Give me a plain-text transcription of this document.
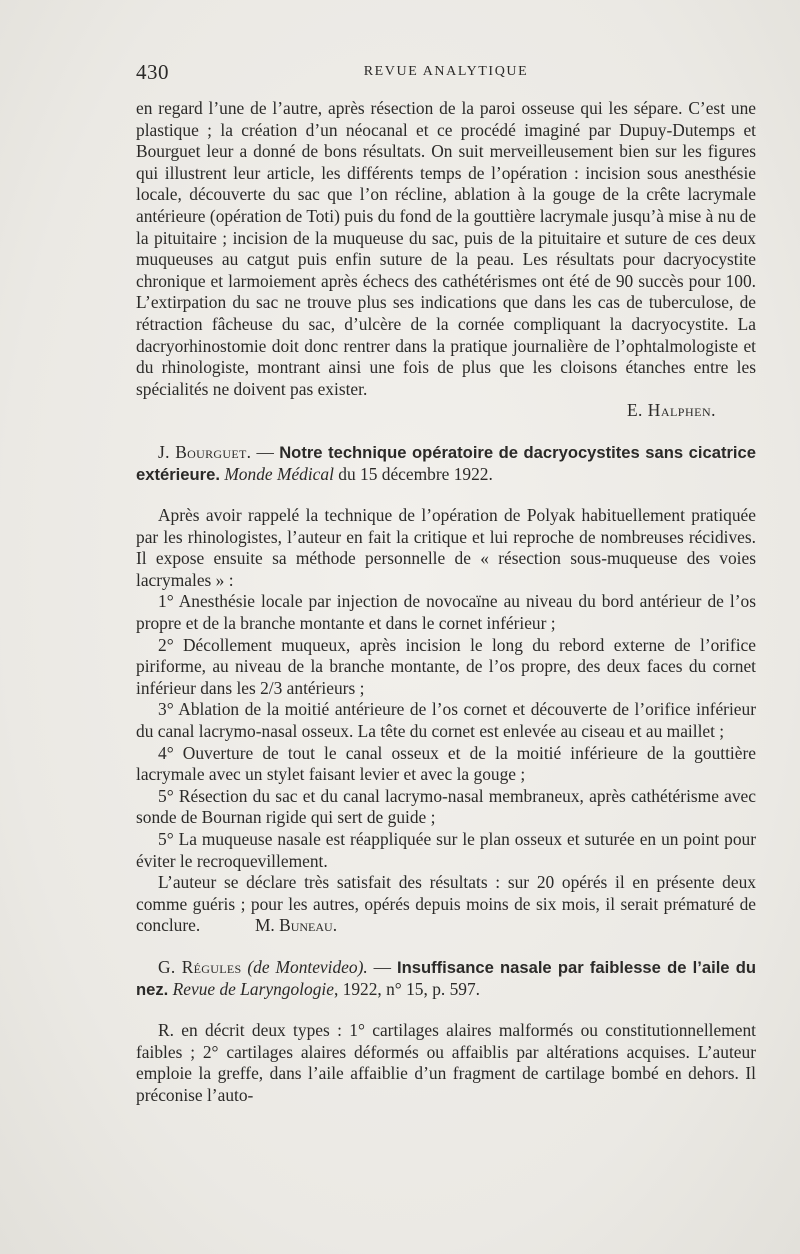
430	REVUE ANALYTIQUE

en regard l’une de l’autre, après résection de la paroi osseuse qui les sépare. C’est une plastique ; la création d’un néocanal et ce procédé imaginé par Dupuy-Dutemps et Bourguet leur a donné de bons résultats. On suit merveilleusement bien sur les figures qui illustrent leur article, les différents temps de l’opération : incision sous anesthésie locale, découverte du sac que l’on récline, ablation à la gouge de la crête lacrymale antérieure (opération de Toti) puis du fond de la gouttière lacrymale jusqu’à mise à nu de la pituitaire ; incision de la muqueuse du sac, puis de la pituitaire et suture de ces deux muqueuses au catgut puis enfin suture de la peau. Les résultats pour dacryocystite chronique et larmoiement après échecs des cathétérismes ont été de 90 succès pour 100. L’extirpation du sac ne trouve plus ses indications que dans les cas de tuberculose, de rétraction fâcheuse du sac, d’ulcère de la cornée compliquant la dacryocystite. La dacryorhinostomie doit donc rentrer dans la pratique journalière de l’ophtalmologiste et du rhinologiste, montrant ainsi une fois de plus que les cloisons étanches entre les spécialités ne doivent pas exister.

E. Halphen.

J. Bourguet. — Notre technique opératoire de dacryocystites sans cicatrice extérieure. Monde Médical du 15 décembre 1922.

Après avoir rappelé la technique de l’opération de Polyak habituellement pratiquée par les rhinologistes, l’auteur en fait la critique et lui reproche de nombreuses récidives. Il expose ensuite sa méthode personnelle de « résection sous-muqueuse des voies lacrymales » :

1° Anesthésie locale par injection de novocaïne au niveau du bord antérieur de l’os propre et de la branche montante et dans le cornet inférieur ;

2° Décollement muqueux, après incision le long du rebord externe de l’orifice piriforme, au niveau de la branche montante, de l’os propre, des deux faces du cornet inférieur dans les 2/3 antérieurs ;

3° Ablation de la moitié antérieure de l’os cornet et découverte de l’orifice inférieur du canal lacrymo-nasal osseux. La tête du cornet est enlevée au ciseau et au maillet ;

4° Ouverture de tout le canal osseux et de la moitié inférieure de la gouttière lacrymale avec un stylet faisant levier et avec la gouge ;

5° Résection du sac et du canal lacrymo-nasal membraneux, après cathétérisme avec sonde de Bournan rigide qui sert de guide ;

5° La muqueuse nasale est réappliquée sur le plan osseux et suturée en un point pour éviter le recroquevillement.

L’auteur se déclare très satisfait des résultats : sur 20 opérés il en présente deux comme guéris ; pour les autres, opérés depuis moins de six mois, il serait prématuré de conclure.	M. Buneau.

G. Régules (de Montevideo). — Insuffisance nasale par faiblesse de l’aile du nez. Revue de Laryngologie, 1922, n° 15, p. 597.

R. en décrit deux types : 1° cartilages alaires malformés ou constitutionnellement faibles ; 2° cartilages alaires déformés ou affaiblis par altérations acquises. L’auteur emploie la greffe, dans l’aile affaiblie d’un fragment de cartilage bombé en dehors. Il préconise l’auto-
